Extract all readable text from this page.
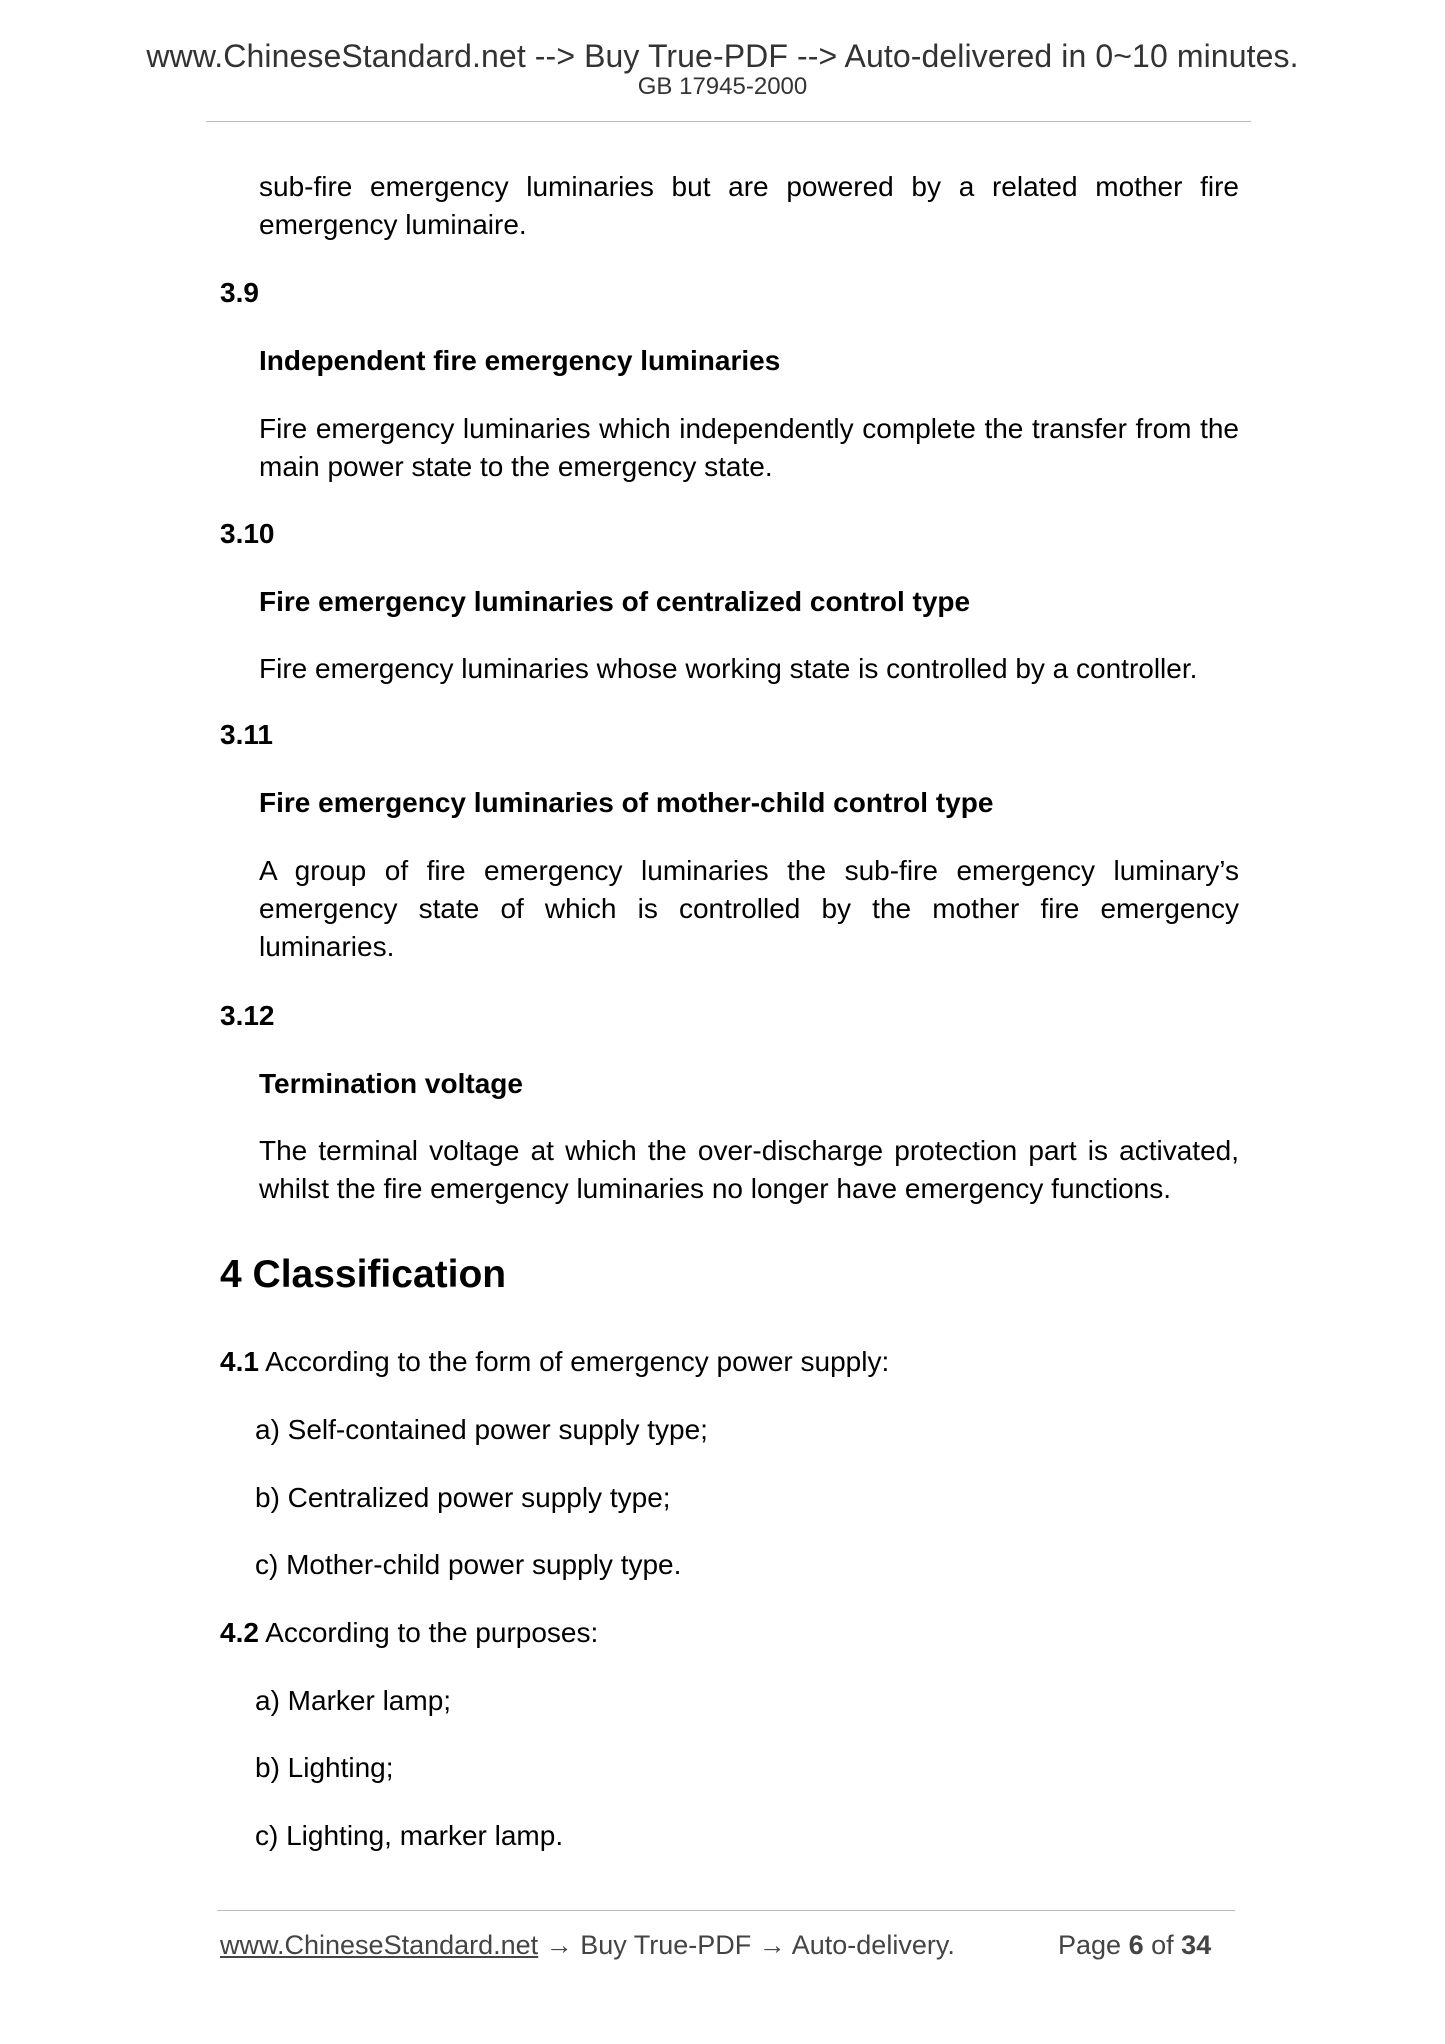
www.ChineseStandard.net --> Buy True-PDF --> Auto-delivered in 0~10 minutes.
GB 17945-2000
sub-fire emergency luminaries but are powered by a related mother fire emergency luminaire.
3.9
Independent fire emergency luminaries
Fire emergency luminaries which independently complete the transfer from the main power state to the emergency state.
3.10
Fire emergency luminaries of centralized control type
Fire emergency luminaries whose working state is controlled by a controller.
3.11
Fire emergency luminaries of mother-child control type
A group of fire emergency luminaries the sub-fire emergency luminary’s emergency state of which is controlled by the mother fire emergency luminaries.
3.12
Termination voltage
The terminal voltage at which the over-discharge protection part is activated, whilst the fire emergency luminaries no longer have emergency functions.
4 Classification
4.1 According to the form of emergency power supply:
a) Self-contained power supply type;
b) Centralized power supply type;
c) Mother-child power supply type.
4.2 According to the purposes:
a) Marker lamp;
b) Lighting;
c) Lighting, marker lamp.
www.ChineseStandard.net → Buy True-PDF → Auto-delivery.	Page 6 of 34
